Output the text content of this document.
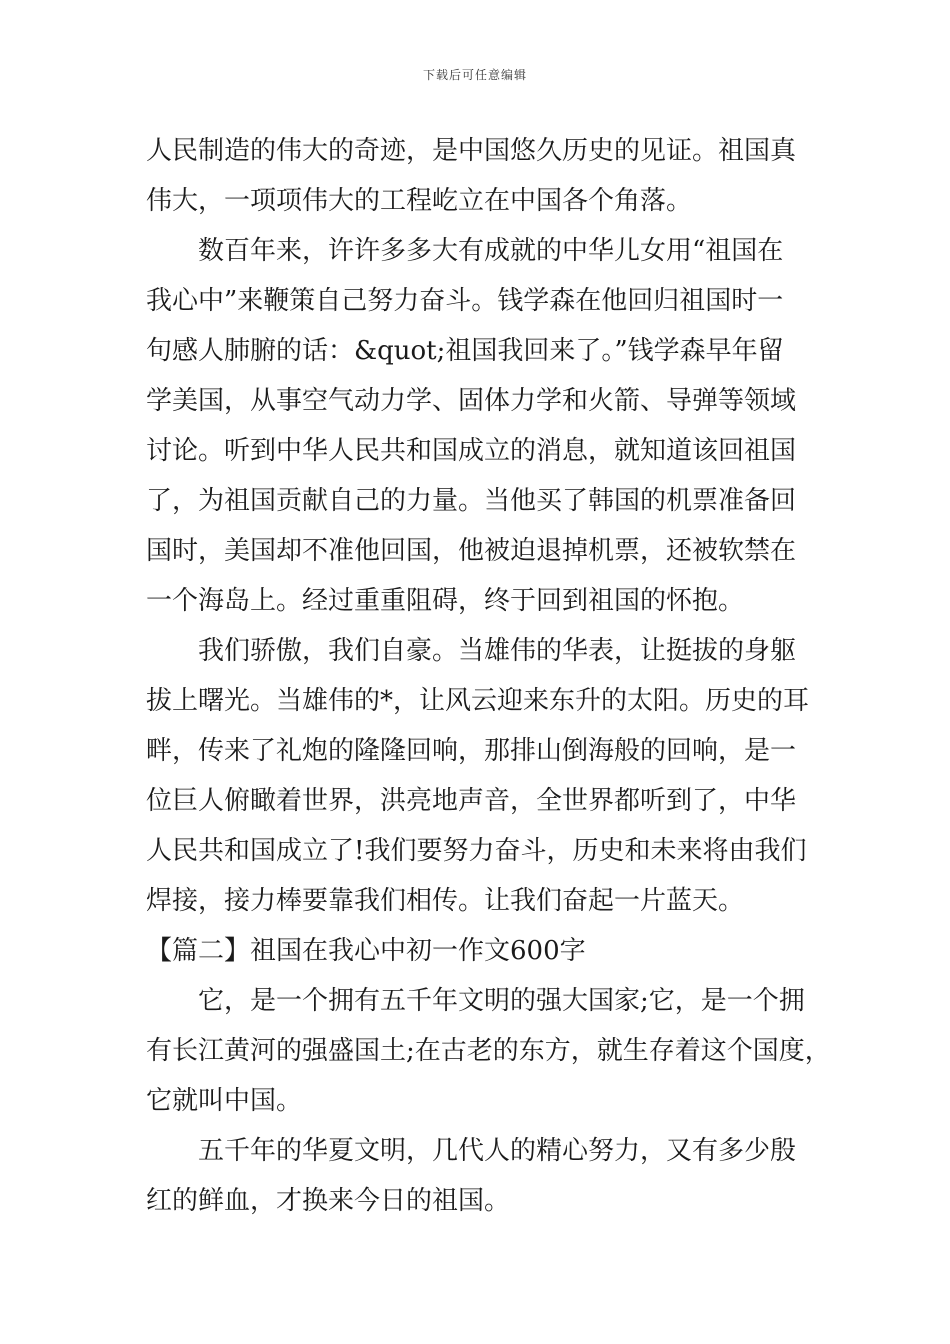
下载后可任意编辑
人民制造的伟大的奇迹，是中国悠久历史的见证。祖国真
伟大，一项项伟大的工程屹立在中国各个角落。
　　数百年来，许许多多大有成就的中华儿女用“祖国在
我心中”来鞭策自己努力奋斗。钱学森在他回归祖国时一
句感人肺腑的话：&quot;祖国我回来了。”钱学森早年留
学美国，从事空气动力学、固体力学和火箭、导弹等领域
讨论。听到中华人民共和国成立的消息，就知道该回祖国
了，为祖国贡献自己的力量。当他买了韩国的机票准备回
国时，美国却不准他回国，他被迫退掉机票，还被软禁在
一个海岛上。经过重重阻碍，终于回到祖国的怀抱。
　　我们骄傲，我们自豪。当雄伟的华表，让挺拔的身躯
拔上曙光。当雄伟的*，让风云迎来东升的太阳。历史的耳
畔，传来了礼炮的隆隆回响，那排山倒海般的回响，是一
位巨人俯瞰着世界，洪亮地声音，全世界都听到了，中华
人民共和国成立了!我们要努力奋斗，历史和未来将由我们
焊接，接力棒要靠我们相传。让我们奋起一片蓝天。
【篇二】祖国在我心中初一作文600字
　　它，是一个拥有五千年文明的强大国家;它，是一个拥
有长江黄河的强盛国土;在古老的东方，就生存着这个国度，
它就叫中国。
　　五千年的华夏文明，几代人的精心努力，又有多少殷
红的鲜血，才换来今日的祖国。
